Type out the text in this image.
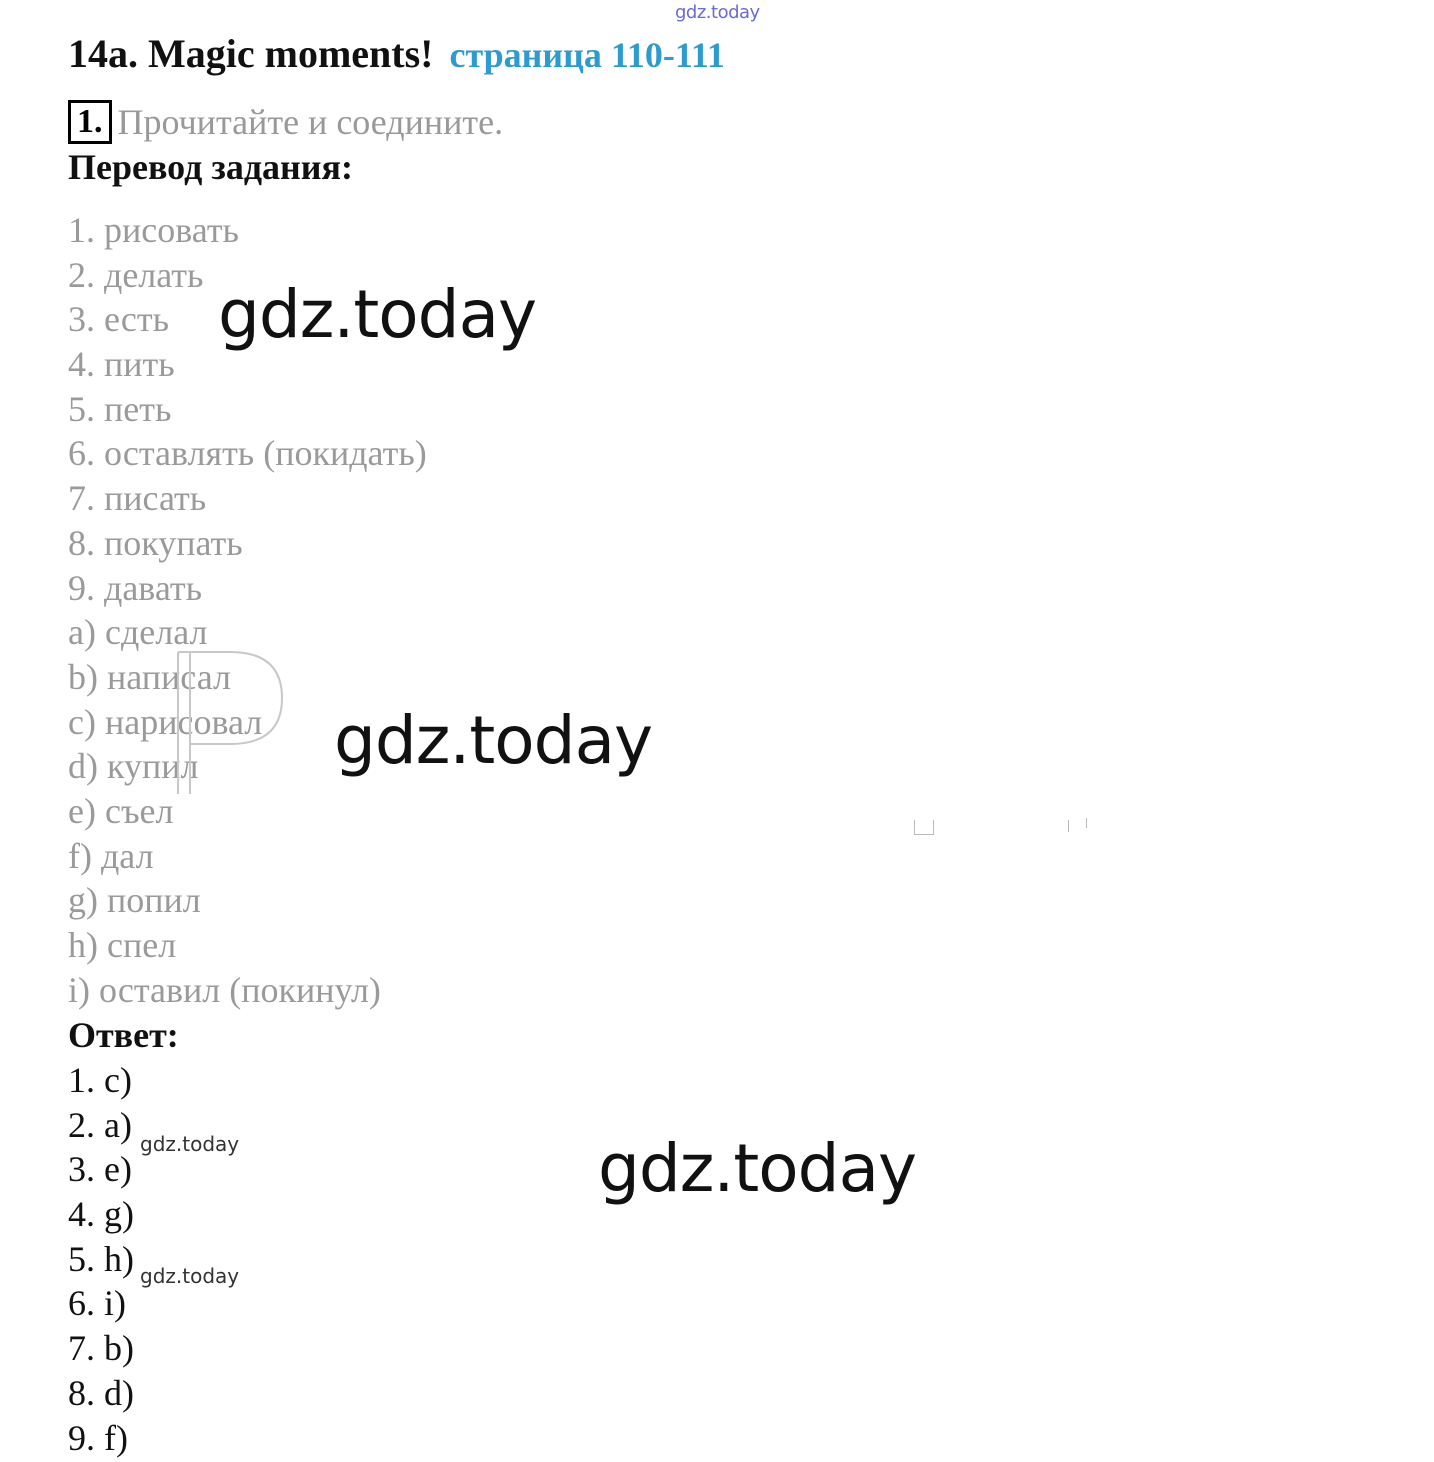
gdz.today
14a. Magic moments! страница 110-111
1. Прочитайте и соедините.
Перевод задания:
1. рисовать
2. делать
3. есть
4. пить
5. петь
6. оставлять (покидать)
7. писать
8. покупать
9. давать
a) сделал
b) написал
c) нарисовал
d) купил
e) съел
f) дал
g) попил
h) спел
i) оставил (покинул)
Ответ:
1. c)
2. a)
3. e)
4. g)
5. h)
6. i)
7. b)
8. d)
9. f)
gdz.today
gdz.today
gdz.today
gdz.today
gdz.today
